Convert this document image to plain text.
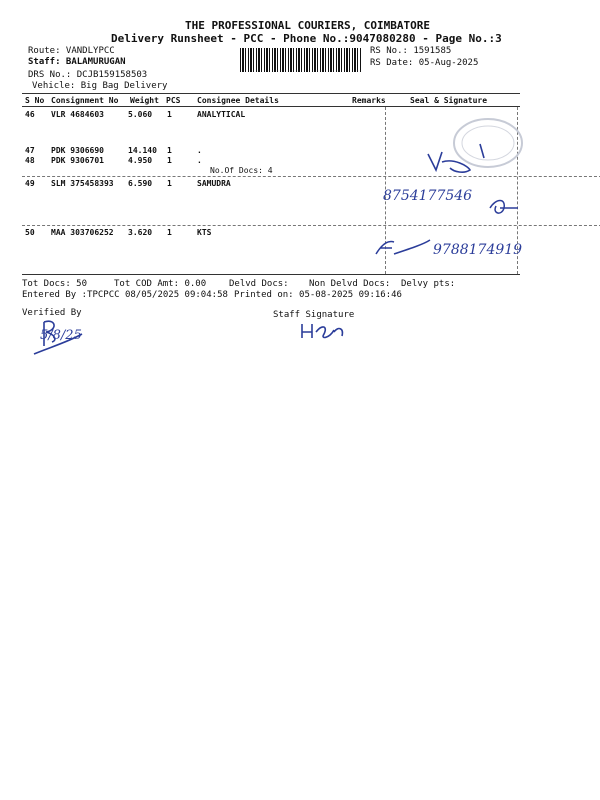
THE PROFESSIONAL COURIERS, COIMBATORE
Delivery Runsheet - PCC - Phone No.:9047080280 - Page No.:3
Route: VANDLYPCC
Staff: BALAMURUGAN
DRS No.: DCJB159158503
Vehicle: Big Bag Delivery
RS No.: 1591585
RS Date: 05-Aug-2025
S No Consignment No Weight PCS Consignee Details	Remarks	Seal & Signature
46 VLR 4684603	5.060 1	ANALYTICAL
47 PDK 9306690	14.140 1	.
48 PDK 9306701	4.950 1	.
No.Of Docs: 4
49 SLM 375458393 6.590 1	SAMUDRA
50 MAA 303706252 3.620 1	KTS
8754177546
9788174919
Tot Docs: 50	Tot COD Amt: 0.00	Delvd Docs: Non Delvd Docs: Delvy pts:
Entered By :TPCPCC 08/05/2025 09:04:58 Printed on: 05-08-2025 09:16:46
Verified By	Staff Signature
5/8/25
